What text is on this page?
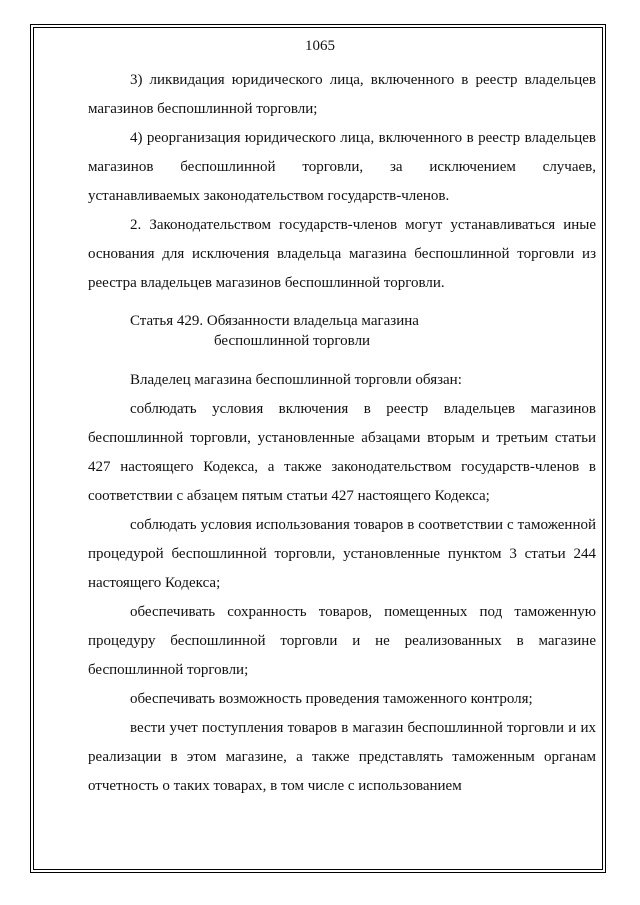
1065

3) ликвидация юридического лица, включенного в реестр владельцев магазинов беспошлинной торговли;

4) реорганизация юридического лица, включенного в реестр владельцев магазинов беспошлинной торговли, за исключением случаев, устанавливаемых законодательством государств-членов.

2. Законодательством государств-членов могут устанавливаться иные основания для исключения владельца магазина беспошлинной торговли из реестра владельцев магазинов беспошлинной торговли.

Статья 429. Обязанности владельца магазина
беспошлинной торговли

Владелец магазина беспошлинной торговли обязан:

соблюдать условия включения в реестр владельцев магазинов беспошлинной торговли, установленные абзацами вторым и третьим статьи 427 настоящего Кодекса, а также законодательством государств-членов в соответствии с абзацем пятым статьи 427 настоящего Кодекса;

соблюдать условия использования товаров в соответствии с таможенной процедурой беспошлинной торговли, установленные пунктом 3 статьи 244 настоящего Кодекса;

обеспечивать сохранность товаров, помещенных под таможенную процедуру беспошлинной торговли и не реализованных в магазине беспошлинной торговли;

обеспечивать возможность проведения таможенного контроля;

вести учет поступления товаров в магазин беспошлинной торговли и их реализации в этом магазине, а также представлять таможенным органам отчетность о таких товарах, в том числе с использованием
